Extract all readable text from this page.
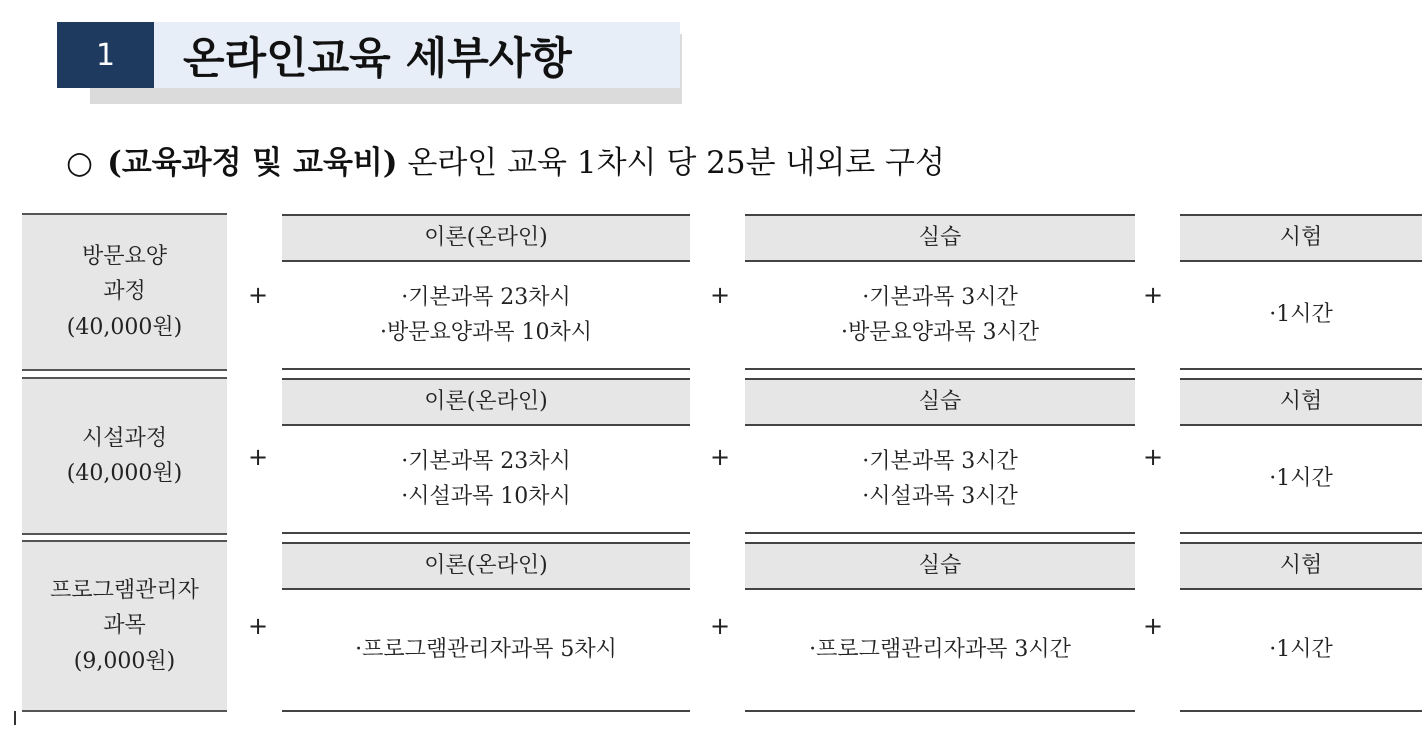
1	온라인교육 세부사항
○ (교육과정 및 교육비) 온라인 교육 1차시 당 25분 내외로 구성
방문요양
과정
(40,000원)
+
이론(온라인)
·기본과목 23차시
·방문요양과목 10차시
+
실습
·기본과목 3시간
·방문요양과목 3시간
+
시험
·1시간
시설과정
(40,000원)
+
이론(온라인)
·기본과목 23차시
·시설과목 10차시
+
실습
·기본과목 3시간
·시설과목 3시간
+
시험
·1시간
프로그램관리자
과목
(9,000원)
+
이론(온라인)
·프로그램관리자과목 5차시
+
실습
·프로그램관리자과목 3시간
+
시험
·1시간
